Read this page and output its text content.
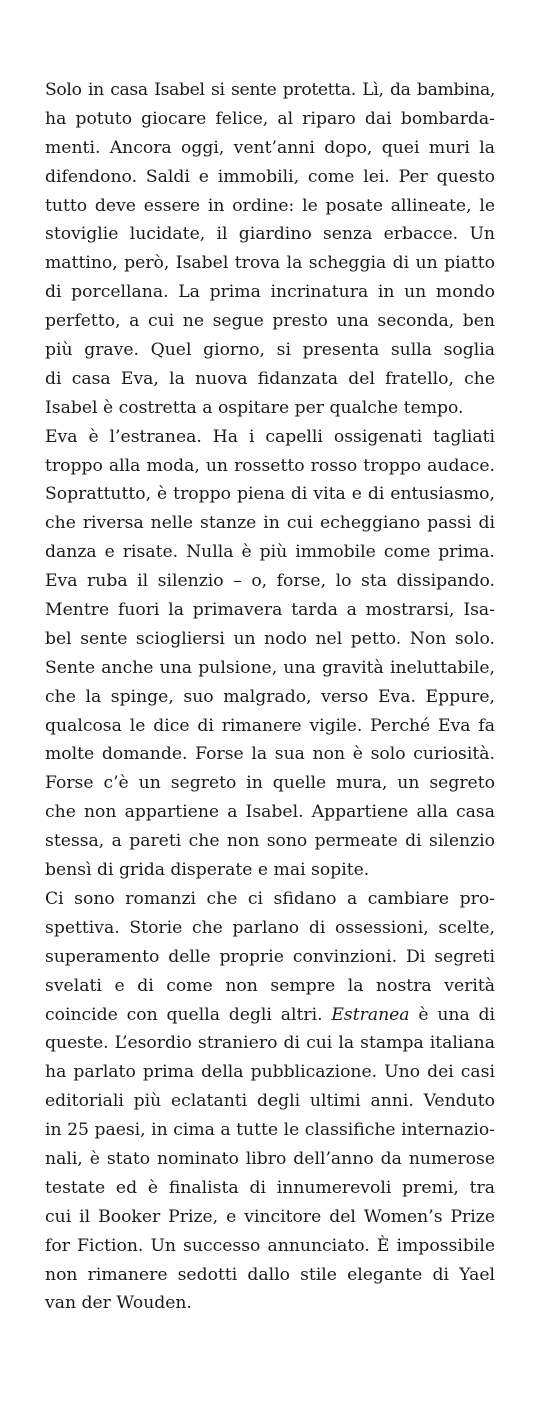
Solo in casa Isabel si sente protetta. Lì, da bambina,
ha potuto giocare felice, al riparo dai bombarda-
menti. Ancora oggi, vent’anni dopo, quei muri la
difendono. Saldi e immobili, come lei. Per questo
tutto deve essere in ordine: le posate allineate, le
stoviglie lucidate, il giardino senza erbacce. Un
mattino, però, Isabel trova la scheggia di un piatto
di porcellana. La prima incrinatura in un mondo
perfetto, a cui ne segue presto una seconda, ben
più grave. Quel giorno, si presenta sulla soglia
di casa Eva, la nuova fidanzata del fratello, che
Isabel è costretta a ospitare per qualche tempo.
Eva è l’estranea. Ha i capelli ossigenati tagliati
troppo alla moda, un rossetto rosso troppo audace.
Soprattutto, è troppo piena di vita e di entusiasmo,
che riversa nelle stanze in cui echeggiano passi di
danza e risate. Nulla è più immobile come prima.
Eva ruba il silenzio – o, forse, lo sta dissipando.
Mentre fuori la primavera tarda a mostrarsi, Isa-
bel sente sciogliersi un nodo nel petto. Non solo.
Sente anche una pulsione, una gravità ineluttabile,
che la spinge, suo malgrado, verso Eva. Eppure,
qualcosa le dice di rimanere vigile. Perché Eva fa
molte domande. Forse la sua non è solo curiosità.
Forse c’è un segreto in quelle mura, un segreto
che non appartiene a Isabel. Appartiene alla casa
stessa, a pareti che non sono permeate di silenzio
bensì di grida disperate e mai sopite.
Ci sono romanzi che ci sfidano a cambiare pro-
spettiva. Storie che parlano di ossessioni, scelte,
superamento delle proprie convinzioni. Di segreti
svelati e di come non sempre la nostra verità
coincide con quella degli altri. Estranea è una di
queste. L’esordio straniero di cui la stampa italiana
ha parlato prima della pubblicazione. Uno dei casi
editoriali più eclatanti degli ultimi anni. Venduto
in 25 paesi, in cima a tutte le classifiche internazio-
nali, è stato nominato libro dell’anno da numerose
testate ed è finalista di innumerevoli premi, tra
cui il Booker Prize, e vincitore del Women’s Prize
for Fiction. Un successo annunciato. È impossibile
non rimanere sedotti dallo stile elegante di Yael
van der Wouden.
